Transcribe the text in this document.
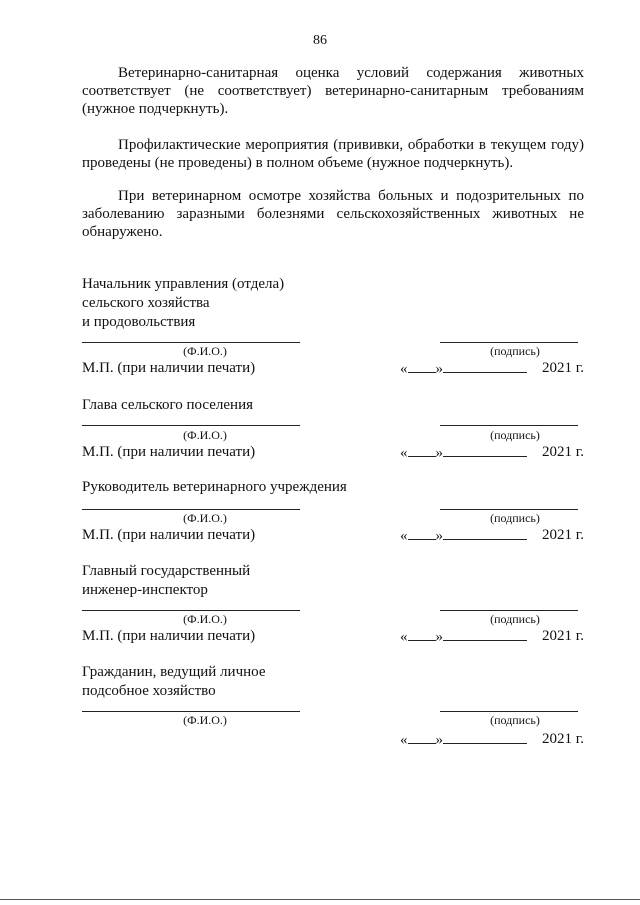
86
Ветеринарно-санитарная оценка условий содержания животных
соответствует (не соответствует) ветеринарно-санитарным требованиям
(нужное подчеркнуть).
Профилактические мероприятия (прививки, обработки в текущем году)
проведены (не проведены) в полном объеме (нужное подчеркнуть).
При ветеринарном осмотре хозяйства больных и подозрительных по
заболеванию заразными болезнями сельскохозяйственных животных не
обнаружено.
Начальник управления (отдела)
сельского хозяйства
и продовольствия
(Ф.И.О.)	(подпись)
М.П. (при наличии печати)	« »	2021 г.
Глава сельского поселения
(Ф.И.О.)	(подпись)
М.П. (при наличии печати)	« »	2021 г.
Руководитель ветеринарного учреждения
(Ф.И.О.)	(подпись)
М.П. (при наличии печати)	« »	2021 г.
Главный государственный
инженер-инспектор
(Ф.И.О.)	(подпись)
М.П. (при наличии печати)	« »	2021 г.
Гражданин, ведущий личное
подсобное хозяйство
(Ф.И.О.)	(подпись)
« »	2021 г.
